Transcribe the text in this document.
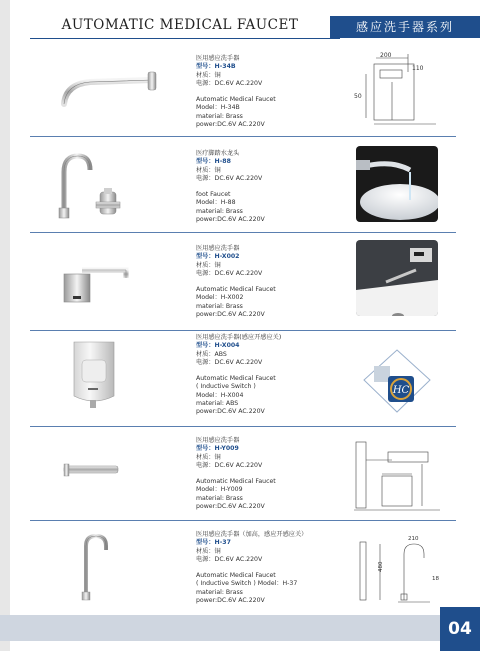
AUTOMATIC MEDICAL FAUCET	感应洗手器系列
医用感应洗手器
型号：H-34B
材质：铜
电源：DC.6V AC.220V
Automatic Medical Faucet
Model：H-34B
material: Brass
power:DC.6V AC.220V
医疗脚踏水龙头
型号：H-88
材质：铜
电源：DC.6V AC.220V
foot Faucet
Model：H-88
material: Brass
power:DC.6V AC.220V
医用感应洗手器
型号：H-X002
材质：铜
电源：DC.6V AC.220V
Automatic Medical Faucet
Model：H-X002
material: Brass
power:DC.6V AC.220V
医用感应洗手器(感应开感应关)
型号：H-X004
材质：ABS
电源：DC.6V AC.220V
Automatic Medical Faucet
( Inductive Switch )
Model：H-X004
material: ABS
power:DC.6V AC.220V
医用感应洗手器
型号：H-Y009
材质：铜
电源：DC.6V AC.220V
Automatic Medical Faucet
Model：H-Y009
material: Brass
power:DC.6V AC.220V
医用感应洗手器（加高，感应开感应关）
型号：H-37
材质：铜
电源：DC.6V AC.220V
Automatic Medical Faucet
( Inductive Switch ) Model：H-37
material: Brass
power:DC.6V AC.220V
200
110
50
HC
210
480
18
04
